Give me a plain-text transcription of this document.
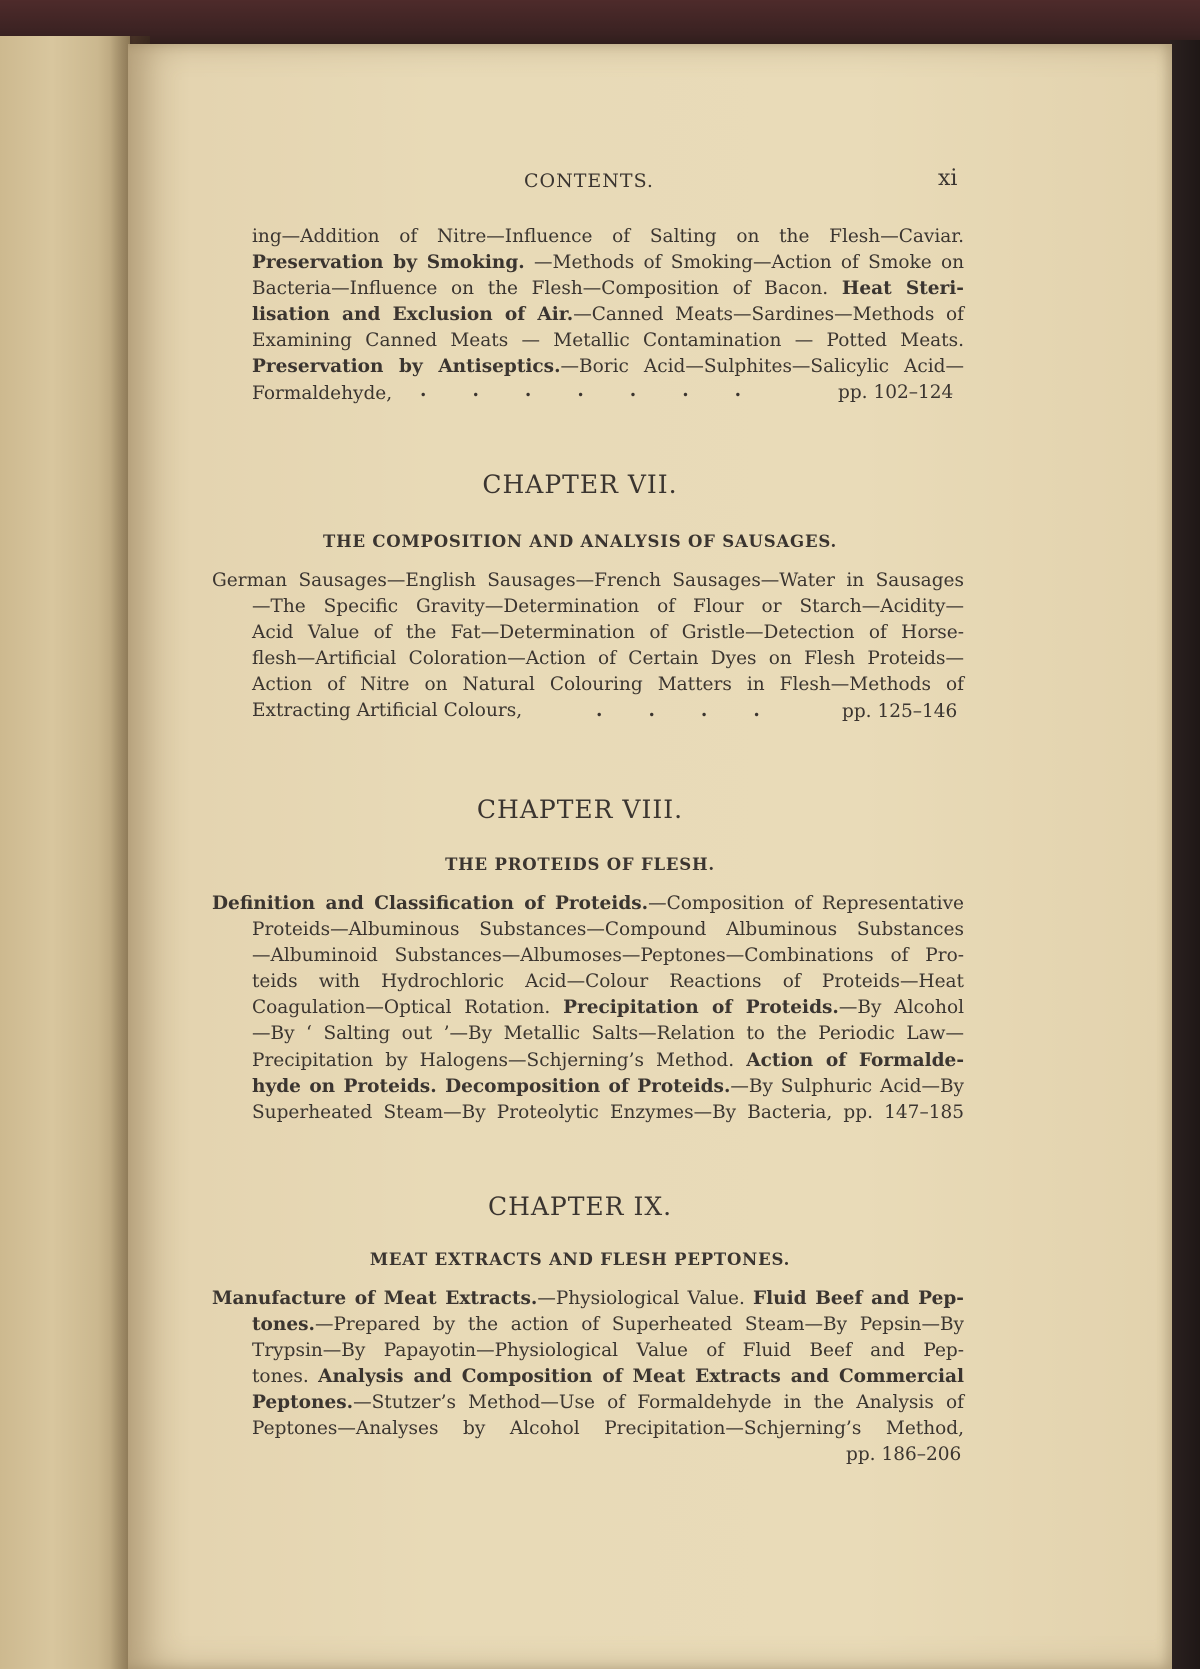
CONTENTS.	xi
ing—Addition of Nitre—Influence of Salting on the Flesh—Caviar.
Preservation by Smoking. —Methods of Smoking—Action of Smoke on
Bacteria—Influence on the Flesh—Composition of Bacon. Heat Steri-
lisation and Exclusion of Air.—Canned Meats—Sardines—Methods of
Examining Canned Meats — Metallic Contamination — Potted Meats.
Preservation by Antiseptics.—Boric Acid—Sulphites—Salicylic Acid—
Formaldehyde,	.......	pp. 102–124
CHAPTER VII.
THE COMPOSITION AND ANALYSIS OF SAUSAGES.
German Sausages—English Sausages—French Sausages—Water in Sausages
—The Specific Gravity—Determination of Flour or Starch—Acidity—
Acid Value of the Fat—Determination of Gristle—Detection of Horse-
flesh—Artificial Coloration—Action of Certain Dyes on Flesh Proteids—
Action of Nitre on Natural Colouring Matters in Flesh—Methods of
Extracting Artificial Colours,	.... pp. 125–146
CHAPTER VIII.
THE PROTEIDS OF FLESH.
Definition and Classification of Proteids.—Composition of Representative
Proteids—Albuminous Substances—Compound Albuminous Substances
—Albuminoid Substances—Albumoses—Peptones—Combinations of Pro-
teids with Hydrochloric Acid—Colour Reactions of Proteids—Heat
Coagulation—Optical Rotation. Precipitation of Proteids.—By Alcohol
—By ‘ Salting out ’—By Metallic Salts—Relation to the Periodic Law—
Precipitation by Halogens—Schjerning’s Method. Action of Formalde-
hyde on Proteids. Decomposition of Proteids.—By Sulphuric Acid—By
Superheated Steam—By Proteolytic Enzymes—By Bacteria, pp. 147–185
CHAPTER IX.
MEAT EXTRACTS AND FLESH PEPTONES.
Manufacture of Meat Extracts.—Physiological Value. Fluid Beef and Pep-
tones.—Prepared by the action of Superheated Steam—By Pepsin—By
Trypsin—By Papayotin—Physiological Value of Fluid Beef and Pep-
tones. Analysis and Composition of Meat Extracts and Commercial
Peptones.—Stutzer’s Method—Use of Formaldehyde in the Analysis of
Peptones—Analyses by Alcohol Precipitation—Schjerning’s Method,
pp. 186–206
